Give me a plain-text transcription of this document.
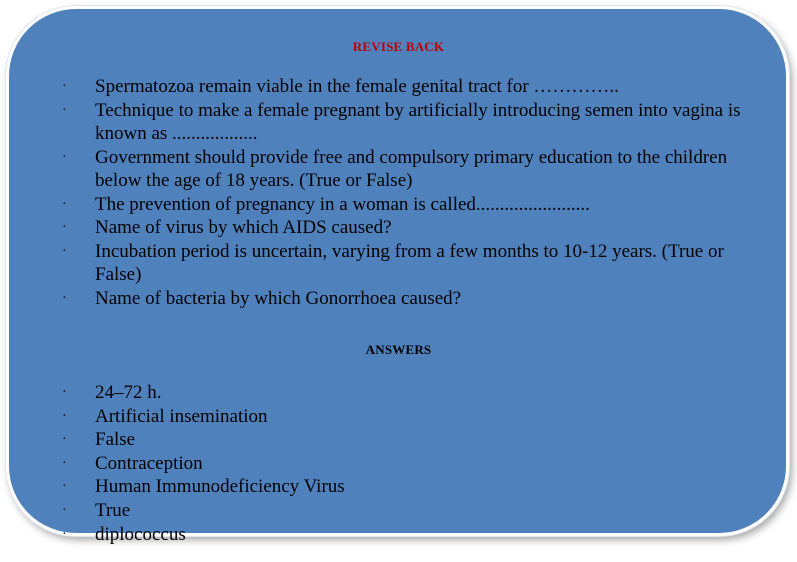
REVISE BACK
· Spermatozoa remain viable in the female genital tract for …………..
· Technique to make a female pregnant by artificially introducing semen into vagina is known as ..................
· Government should provide free and compulsory primary education to the children below the age of 18 years. (True or False)
· The prevention of pregnancy in a woman is called........................
· Name of virus by which AIDS caused?
· Incubation period is uncertain, varying from a few months to 10-12 years. (True or False)
· Name of bacteria by which Gonorrhoea caused?
ANSWERS
· 24–72 h.
· Artificial insemination
· False
· Contraception
· Human Immunodeficiency Virus
· True
· diplococcus
